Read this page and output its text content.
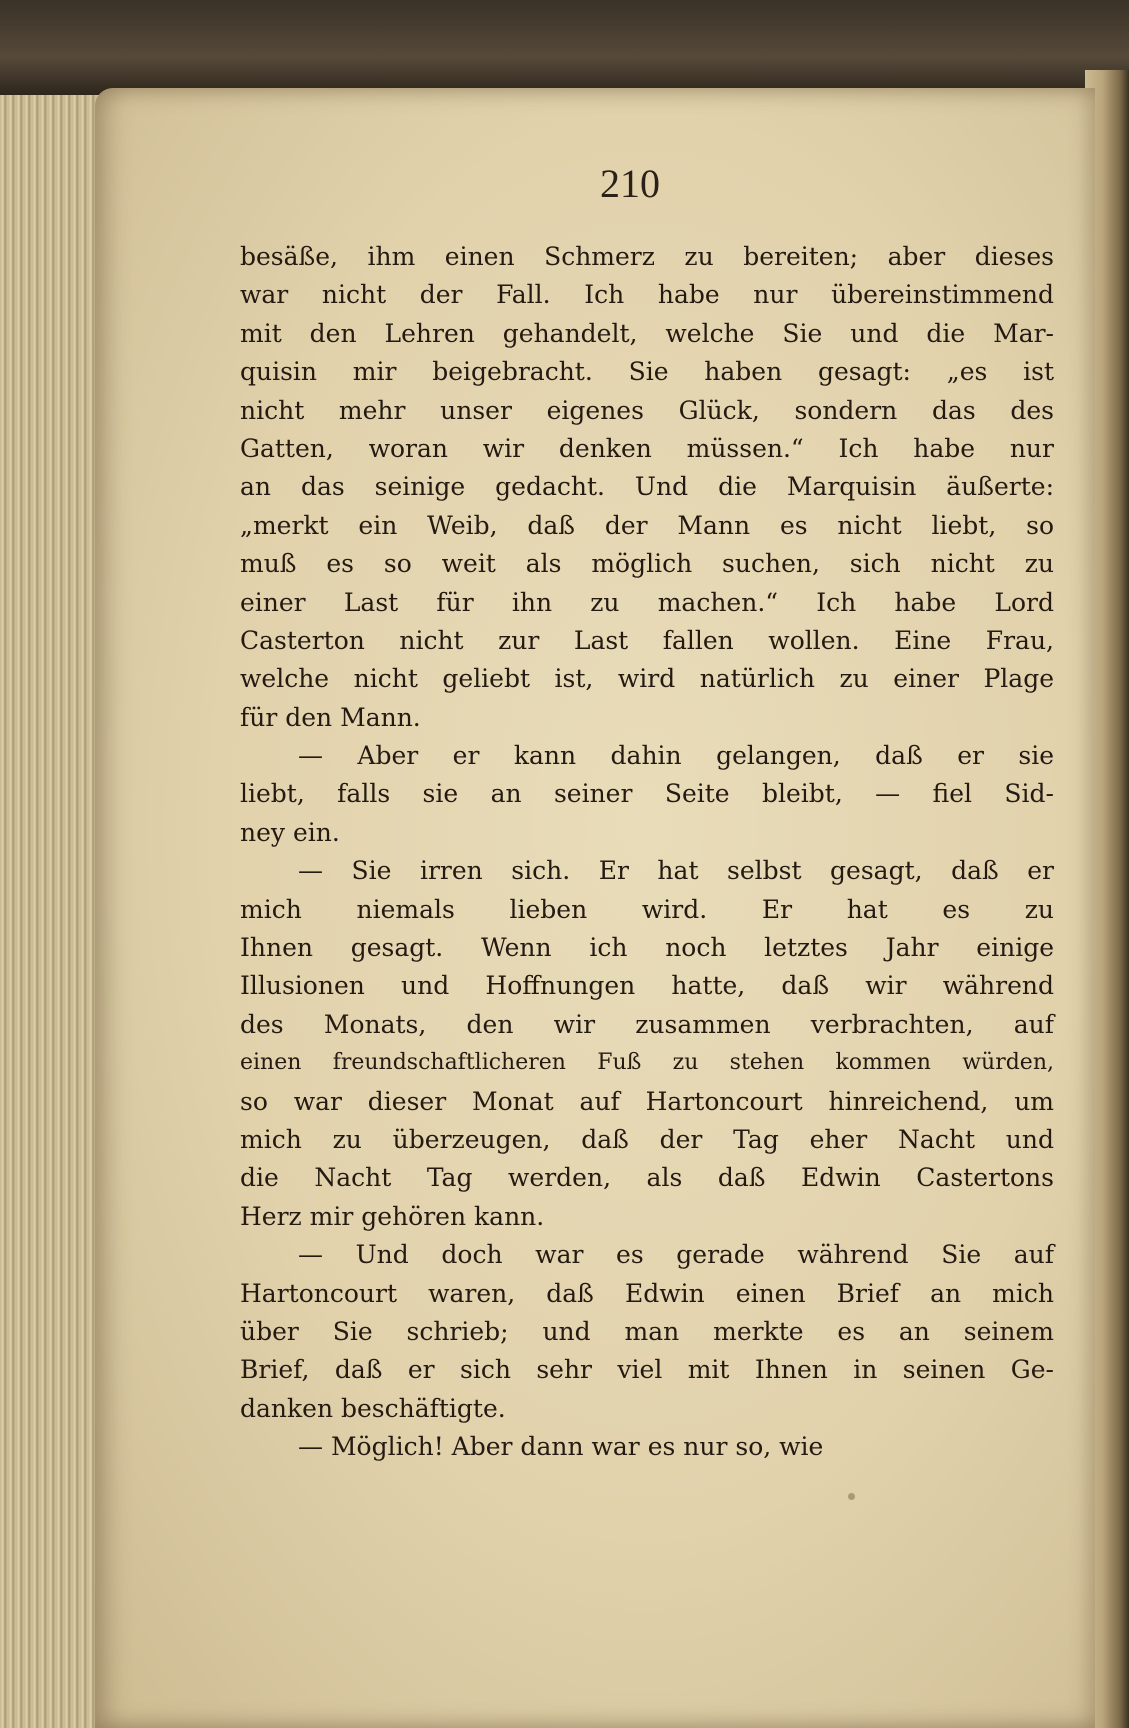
210
besäße, ihm einen Schmerz zu bereiten; aber dieses
war nicht der Fall. Ich habe nur übereinstimmend
mit den Lehren gehandelt, welche Sie und die Mar-
quisin mir beigebracht. Sie haben gesagt: „es ist
nicht mehr unser eigenes Glück, sondern das des
Gatten, woran wir denken müssen.“ Ich habe nur
an das seinige gedacht. Und die Marquisin äußerte:
„merkt ein Weib, daß der Mann es nicht liebt, so
muß es so weit als möglich suchen, sich nicht zu
einer Last für ihn zu machen.“ Ich habe Lord
Casterton nicht zur Last fallen wollen. Eine Frau,
welche nicht geliebt ist, wird natürlich zu einer Plage
für den Mann.
— Aber er kann dahin gelangen, daß er sie
liebt, falls sie an seiner Seite bleibt, — fiel Sid-
ney ein.
— Sie irren sich. Er hat selbst gesagt, daß er
mich niemals lieben wird. Er hat es zu
Ihnen gesagt. Wenn ich noch letztes Jahr einige
Illusionen und Hoffnungen hatte, daß wir während
des Monats, den wir zusammen verbrachten, auf
einen freundschaftlicheren Fuß zu stehen kommen würden,
so war dieser Monat auf Hartoncourt hinreichend, um
mich zu überzeugen, daß der Tag eher Nacht und
die Nacht Tag werden, als daß Edwin Castertons
Herz mir gehören kann.
— Und doch war es gerade während Sie auf
Hartoncourt waren, daß Edwin einen Brief an mich
über Sie schrieb; und man merkte es an seinem
Brief, daß er sich sehr viel mit Ihnen in seinen Ge-
danken beschäftigte.
— Möglich! Aber dann war es nur so, wie
